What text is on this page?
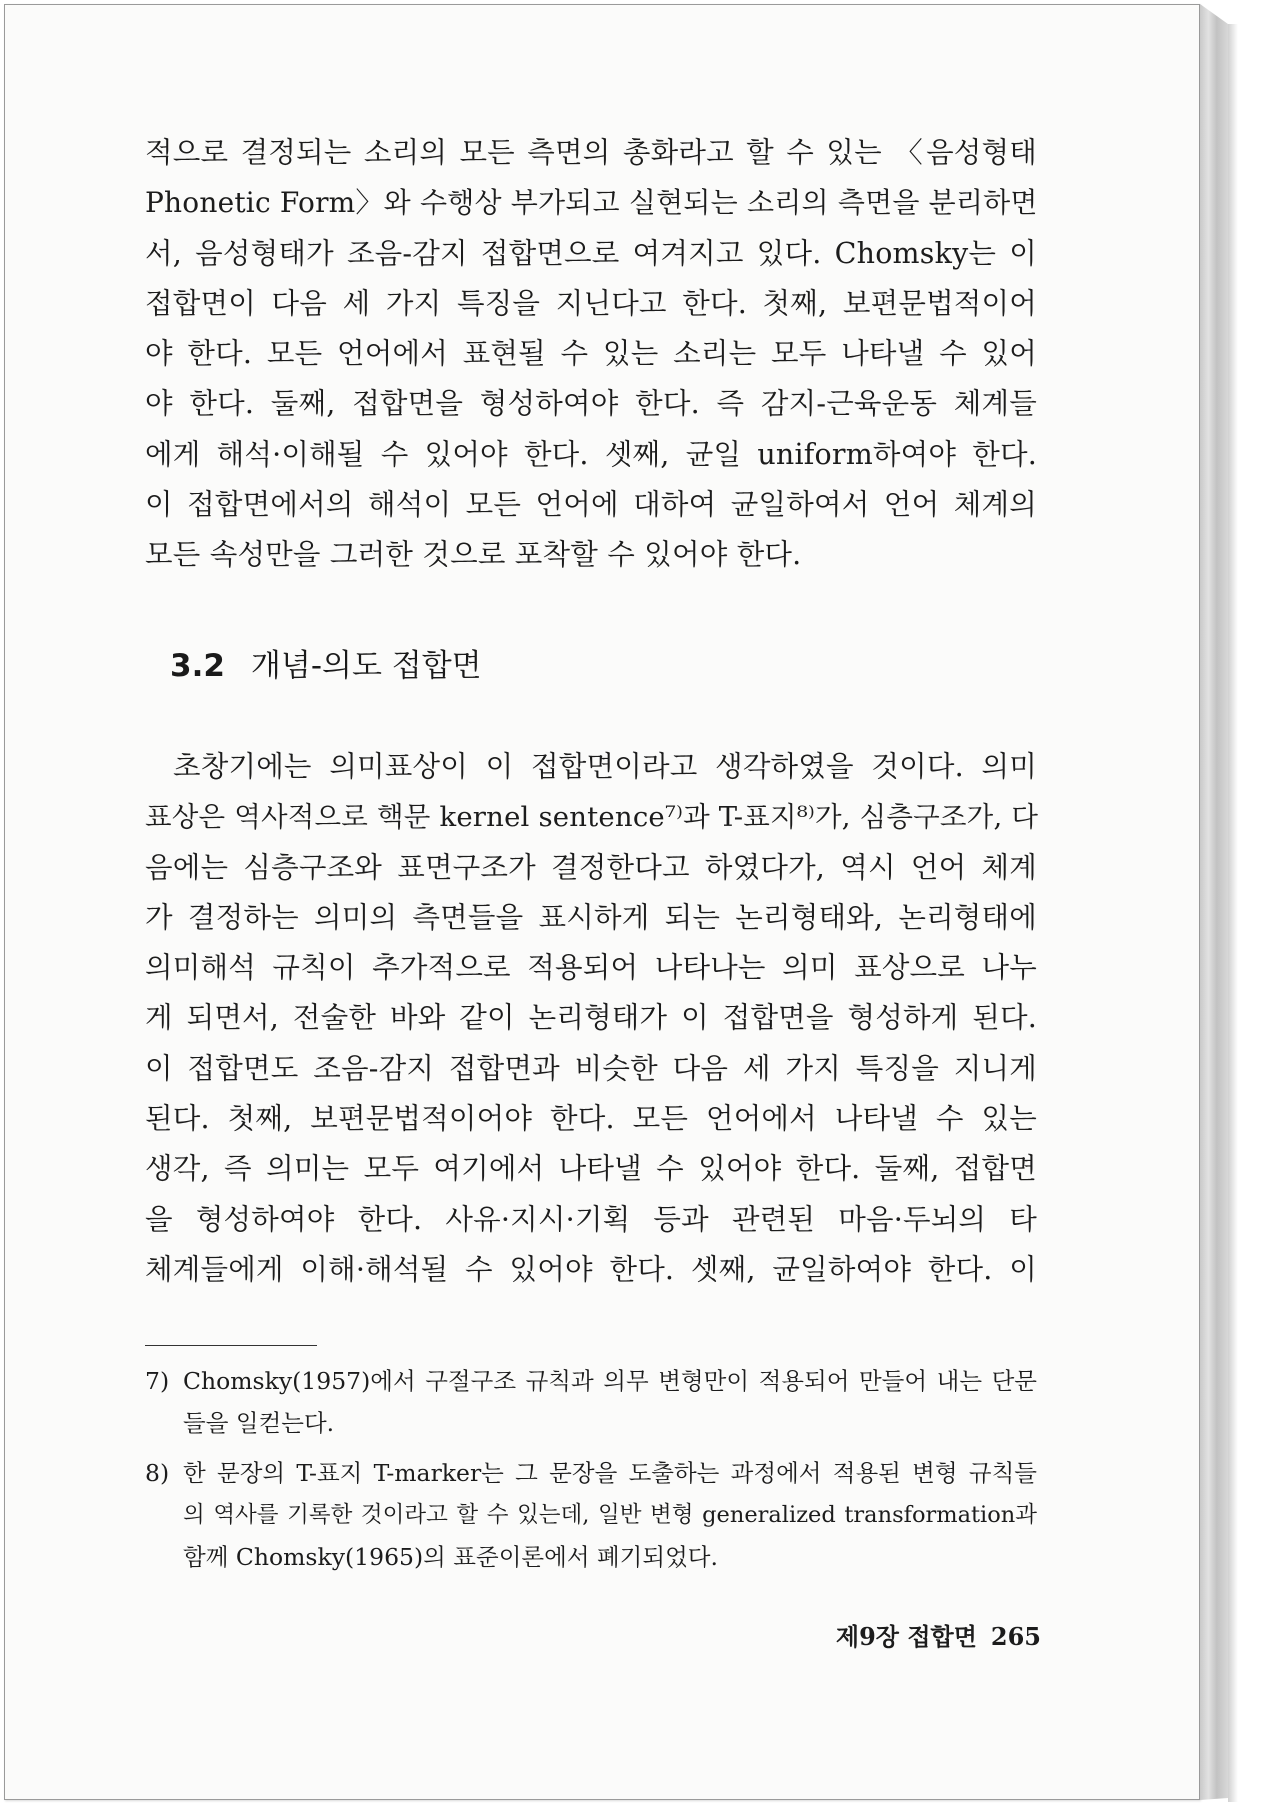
적으로 결정되는 소리의 모든 측면의 총화라고 할 수 있는 〈음성형태
Phonetic Form〉와 수행상 부가되고 실현되는 소리의 측면을 분리하면
서, 음성형태가 조음-감지 접합면으로 여겨지고 있다. Chomsky는 이
접합면이 다음 세 가지 특징을 지닌다고 한다. 첫째, 보편문법적이어
야 한다. 모든 언어에서 표현될 수 있는 소리는 모두 나타낼 수 있어
야 한다. 둘째, 접합면을 형성하여야 한다. 즉 감지-근육운동 체계들
에게 해석·이해될 수 있어야 한다. 셋째, 균일 uniform하여야 한다.
이 접합면에서의 해석이 모든 언어에 대하여 균일하여서 언어 체계의
모든 속성만을 그러한 것으로 포착할 수 있어야 한다.
3.2 개념-의도 접합면
초창기에는 의미표상이 이 접합면이라고 생각하였을 것이다. 의미
표상은 역사적으로 핵문 kernel sentence⁷⁾과 T-표지⁸⁾가, 심층구조가, 다
음에는 심층구조와 표면구조가 결정한다고 하였다가, 역시 언어 체계
가 결정하는 의미의 측면들을 표시하게 되는 논리형태와, 논리형태에
의미해석 규칙이 추가적으로 적용되어 나타나는 의미 표상으로 나누
게 되면서, 전술한 바와 같이 논리형태가 이 접합면을 형성하게 된다.
이 접합면도 조음-감지 접합면과 비슷한 다음 세 가지 특징을 지니게
된다. 첫째, 보편문법적이어야 한다. 모든 언어에서 나타낼 수 있는
생각, 즉 의미는 모두 여기에서 나타낼 수 있어야 한다. 둘째, 접합면
을 형성하여야 한다. 사유·지시·기획 등과 관련된 마음·두뇌의 타
체계들에게 이해·해석될 수 있어야 한다. 셋째, 균일하여야 한다. 이
7) Chomsky(1957)에서 구절구조 규칙과 의무 변형만이 적용되어 만들어 내는 단문
들을 일컫는다.
8) 한 문장의 T-표지 T-marker는 그 문장을 도출하는 과정에서 적용된 변형 규칙들
의 역사를 기록한 것이라고 할 수 있는데, 일반 변형 generalized transformation과
함께 Chomsky(1965)의 표준이론에서 폐기되었다.
제9장 접합면 265
